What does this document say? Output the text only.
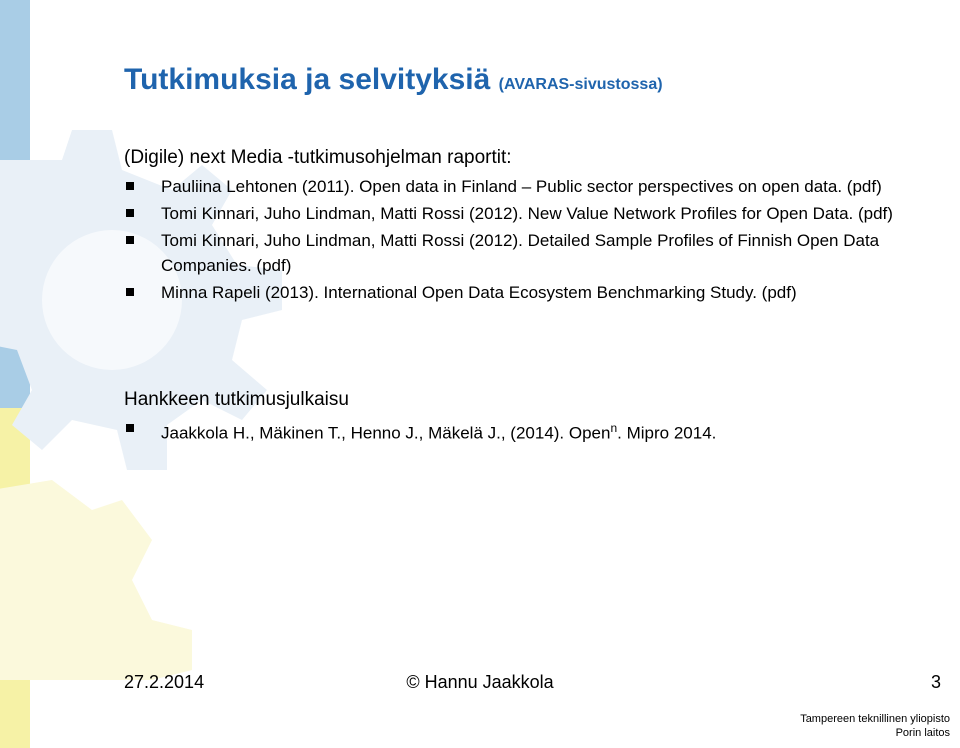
Tutkimuksia ja selvityksiä (AVARAS-sivustossa)
(Digile) next Media -tutkimusohjelman raportit:
Pauliina Lehtonen (2011). Open data in Finland – Public sector perspectives on open data. (pdf)
Tomi Kinnari, Juho Lindman, Matti Rossi (2012). New Value Network Profiles for Open Data. (pdf)
Tomi Kinnari, Juho Lindman, Matti Rossi (2012). Detailed Sample Profiles of Finnish Open Data Companies. (pdf)
Minna Rapeli (2013). International Open Data Ecosystem Benchmarking Study. (pdf)
Hankkeen tutkimusjulkaisu
Jaakkola H., Mäkinen T., Henno J., Mäkelä J., (2014). Open$^n$. Mipro 2014.
27.2.2014	© Hannu Jaakkola	3
Tampereen teknillinen yliopisto
Porin laitos
